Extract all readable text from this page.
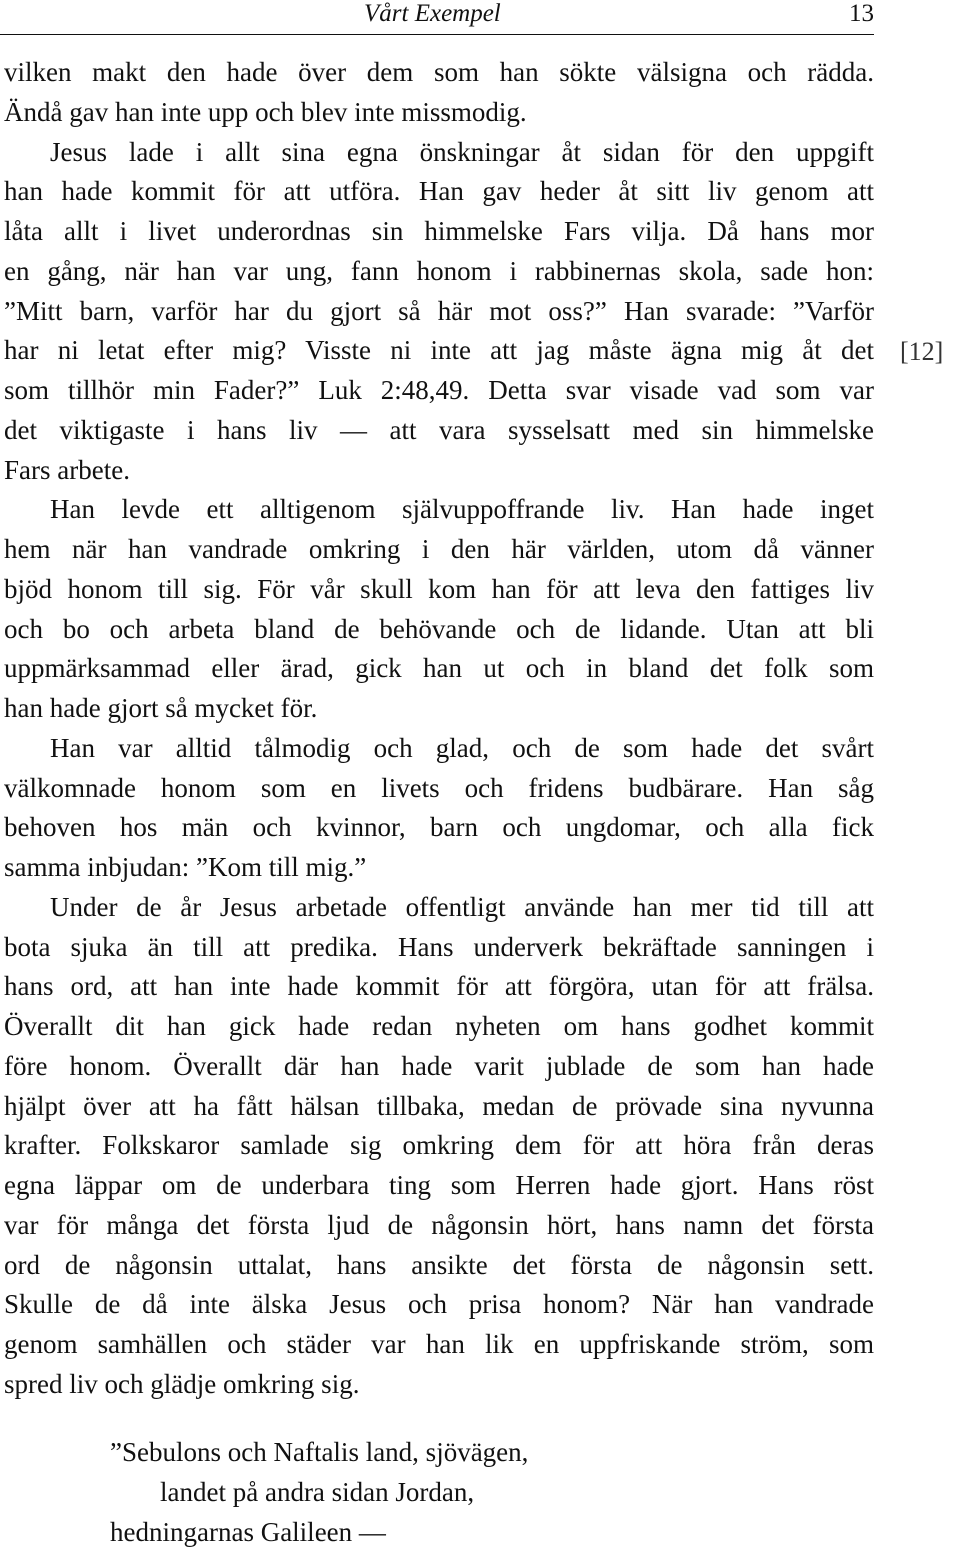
Vårt Exempel	13
[12]
vilken makt den hade över dem som han sökte välsigna och rädda.
Ändå gav han inte upp och blev inte missmodig.
Jesus lade i allt sina egna önskningar åt sidan för den uppgift
han hade kommit för att utföra. Han gav heder åt sitt liv genom att
låta allt i livet underordnas sin himmelske Fars vilja. Då hans mor
en gång, när han var ung, fann honom i rabbinernas skola, sade hon:
”Mitt barn, varför har du gjort så här mot oss?” Han svarade: ”Varför
har ni letat efter mig? Visste ni inte att jag måste ägna mig åt det
som tillhör min Fader?” Luk 2:48,49. Detta svar visade vad som var
det viktigaste i hans liv — att vara sysselsatt med sin himmelske
Fars arbete.
Han levde ett alltigenom självuppoffrande liv. Han hade inget
hem när han vandrade omkring i den här världen, utom då vänner
bjöd honom till sig. För vår skull kom han för att leva den fattiges liv
och bo och arbeta bland de behövande och de lidande. Utan att bli
uppmärksammad eller ärad, gick han ut och in bland det folk som
han hade gjort så mycket för.
Han var alltid tålmodig och glad, och de som hade det svårt
välkomnade honom som en livets och fridens budbärare. Han såg
behoven hos män och kvinnor, barn och ungdomar, och alla fick
samma inbjudan: ”Kom till mig.”
Under de år Jesus arbetade offentligt använde han mer tid till att
bota sjuka än till att predika. Hans underverk bekräftade sanningen i
hans ord, att han inte hade kommit för att förgöra, utan för att frälsa.
Överallt dit han gick hade redan nyheten om hans godhet kommit
före honom. Överallt där han hade varit jublade de som han hade
hjälpt över att ha fått hälsan tillbaka, medan de prövade sina nyvunna
krafter. Folkskaror samlade sig omkring dem för att höra från deras
egna läppar om de underbara ting som Herren hade gjort. Hans röst
var för många det första ljud de någonsin hört, hans namn det första
ord de någonsin uttalat, hans ansikte det första de någonsin sett.
Skulle de då inte älska Jesus och prisa honom? När han vandrade
genom samhällen och städer var han lik en uppfriskande ström, som
spred liv och glädje omkring sig.
”Sebulons och Naftalis land, sjövägen,
landet på andra sidan Jordan,
hedningarnas Galileen —
